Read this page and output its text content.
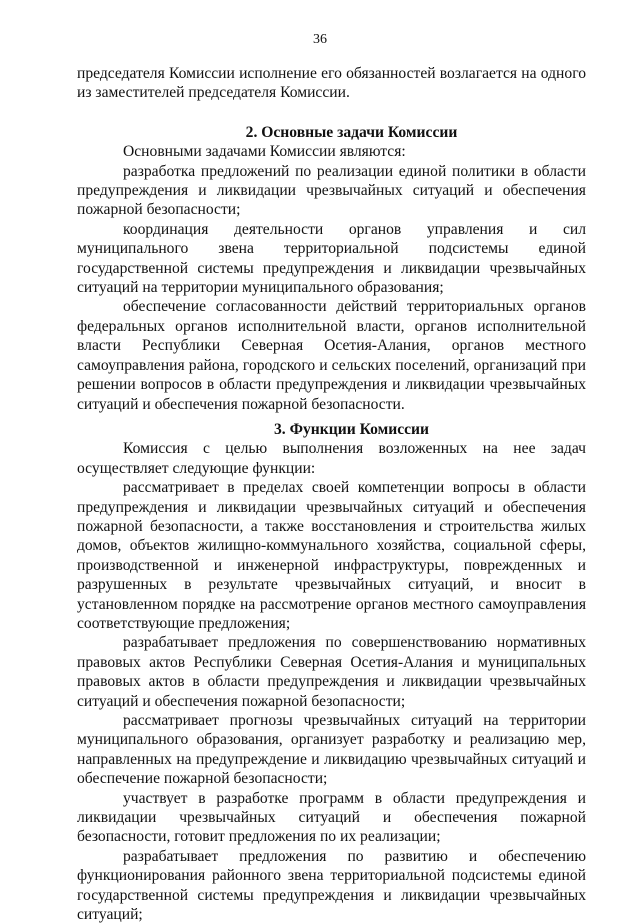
36

председателя Комиссии исполнение его обязанностей возлагается на одного из заместителей председателя Комиссии.

2. Основные задачи Комиссии

Основными задачами Комиссии являются:

разработка предложений по реализации единой политики в области предупреждения и ликвидации чрезвычайных ситуаций и обеспечения пожарной безопасности;

координация деятельности органов управления и сил муниципального звена территориальной подсистемы единой государственной системы предупреждения и ликвидации чрезвычайных ситуаций на территории муниципального образования;

обеспечение согласованности действий территориальных органов федеральных органов исполнительной власти, органов исполнительной власти Республики Северная Осетия-Алания, органов местного самоуправления района, городского и сельских поселений, организаций при решении вопросов в области предупреждения и ликвидации чрезвычайных ситуаций и обеспечения пожарной безопасности.

3. Функции Комиссии

Комиссия с целью выполнения возложенных на нее задач осуществляет следующие функции:

рассматривает в пределах своей компетенции вопросы в области предупреждения и ликвидации чрезвычайных ситуаций и обеспечения пожарной безопасности, а также восстановления и строительства жилых домов, объектов жилищно-коммунального хозяйства, социальной сферы, производственной и инженерной инфраструктуры, поврежденных и разрушенных в результате чрезвычайных ситуаций, и вносит в установленном порядке на рассмотрение органов местного самоуправления соответствующие предложения;

разрабатывает предложения по совершенствованию нормативных правовых актов Республики Северная Осетия-Алания и муниципальных правовых актов в области предупреждения и ликвидации чрезвычайных ситуаций и обеспечения пожарной безопасности;

рассматривает прогнозы чрезвычайных ситуаций на территории муниципального образования, организует разработку и реализацию мер, направленных на предупреждение и ликвидацию чрезвычайных ситуаций и обеспечение пожарной безопасности;

участвует в разработке программ в области предупреждения и ликвидации чрезвычайных ситуаций и обеспечения пожарной безопасности, готовит предложения по их реализации;

разрабатывает предложения по развитию и обеспечению функционирования районного звена территориальной подсистемы единой государственной системы предупреждения и ликвидации чрезвычайных ситуаций;
